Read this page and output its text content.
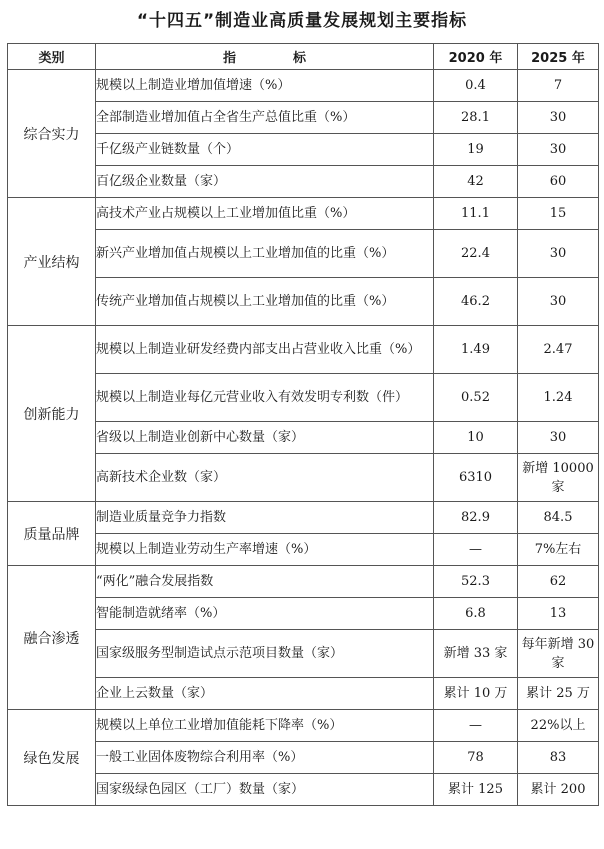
“十四五”制造业高质量发展规划主要指标
类别	指　标	2020 年	2025 年
综合实力	规模以上制造业增加值增速（%）	0.4	7
	全部制造业增加值占全省生产总值比重（%）	28.1	30
	千亿级产业链数量（个）	19	30
	百亿级企业数量（家）	42	60
产业结构	高技术产业占规模以上工业增加值比重（%）	11.1	15
	新兴产业增加值占规模以上工业增加值的比重（%）	22.4	30
	传统产业增加值占规模以上工业增加值的比重（%）	46.2	30
创新能力	规模以上制造业研发经费内部支出占营业收入比重（%）	1.49	2.47
	规模以上制造业每亿元营业收入有效发明专利数（件）	0.52	1.24
	省级以上制造业创新中心数量（家）	10	30
	高新技术企业数（家）	6310	新增 10000 家
质量品牌	制造业质量竞争力指数	82.9	84.5
	规模以上制造业劳动生产率增速（%）	—	7%左右
融合渗透	“两化”融合发展指数	52.3	62
	智能制造就绪率（%）	6.8	13
	国家级服务型制造试点示范项目数量（家）	新增 33 家	每年新增 30 家
	企业上云数量（家）	累计 10 万	累计 25 万
绿色发展	规模以上单位工业增加值能耗下降率（%）	—	22%以上
	一般工业固体废物综合利用率（%）	78	83
	国家级绿色园区（工厂）数量（家）	累计 125	累计 200
